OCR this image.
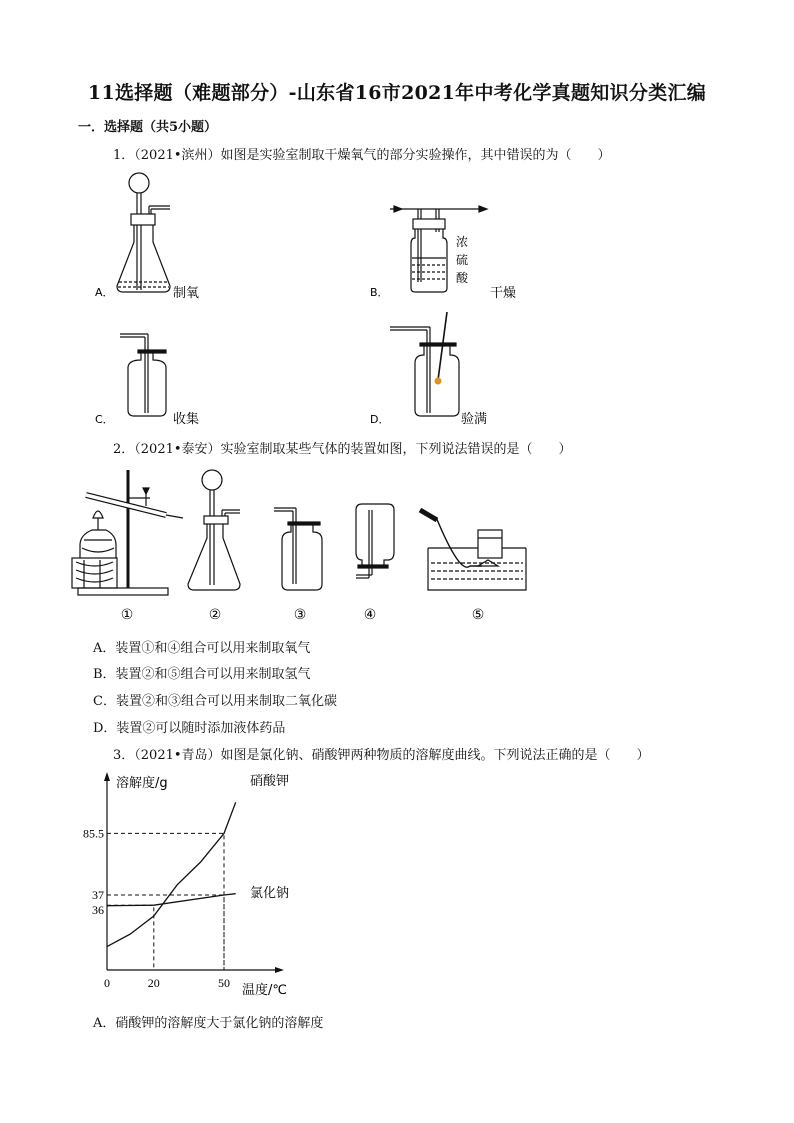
11选择题（难题部分）-山东省16市2021年中考化学真题知识分类汇编
一．选择题（共5小题）
1．（2021•滨州）如图是实验室制取干燥氧气的部分实验操作，其中错误的为（　　）
A．	制氧
浓
硫
酸
B．	干燥
C．	收集	D．	验满
2．（2021•泰安）实验室制取某些气体的装置如图，下列说法错误的是（　　）
①	②	③	④	⑤
A．装置①和④组合可以用来制取氧气
B．装置②和⑤组合可以用来制取氢气
C．装置②和③组合可以用来制取二氧化碳
D．装置②可以随时添加液体药品
3．（2021•青岛）如图是氯化钠、硝酸钾两种物质的溶解度曲线。下列说法正确的是（　　）
0	20	50
36
37
85.5
溶解度/g
温度/℃
硝酸钾
氯化钠
A．硝酸钾的溶解度大于氯化钠的溶解度
